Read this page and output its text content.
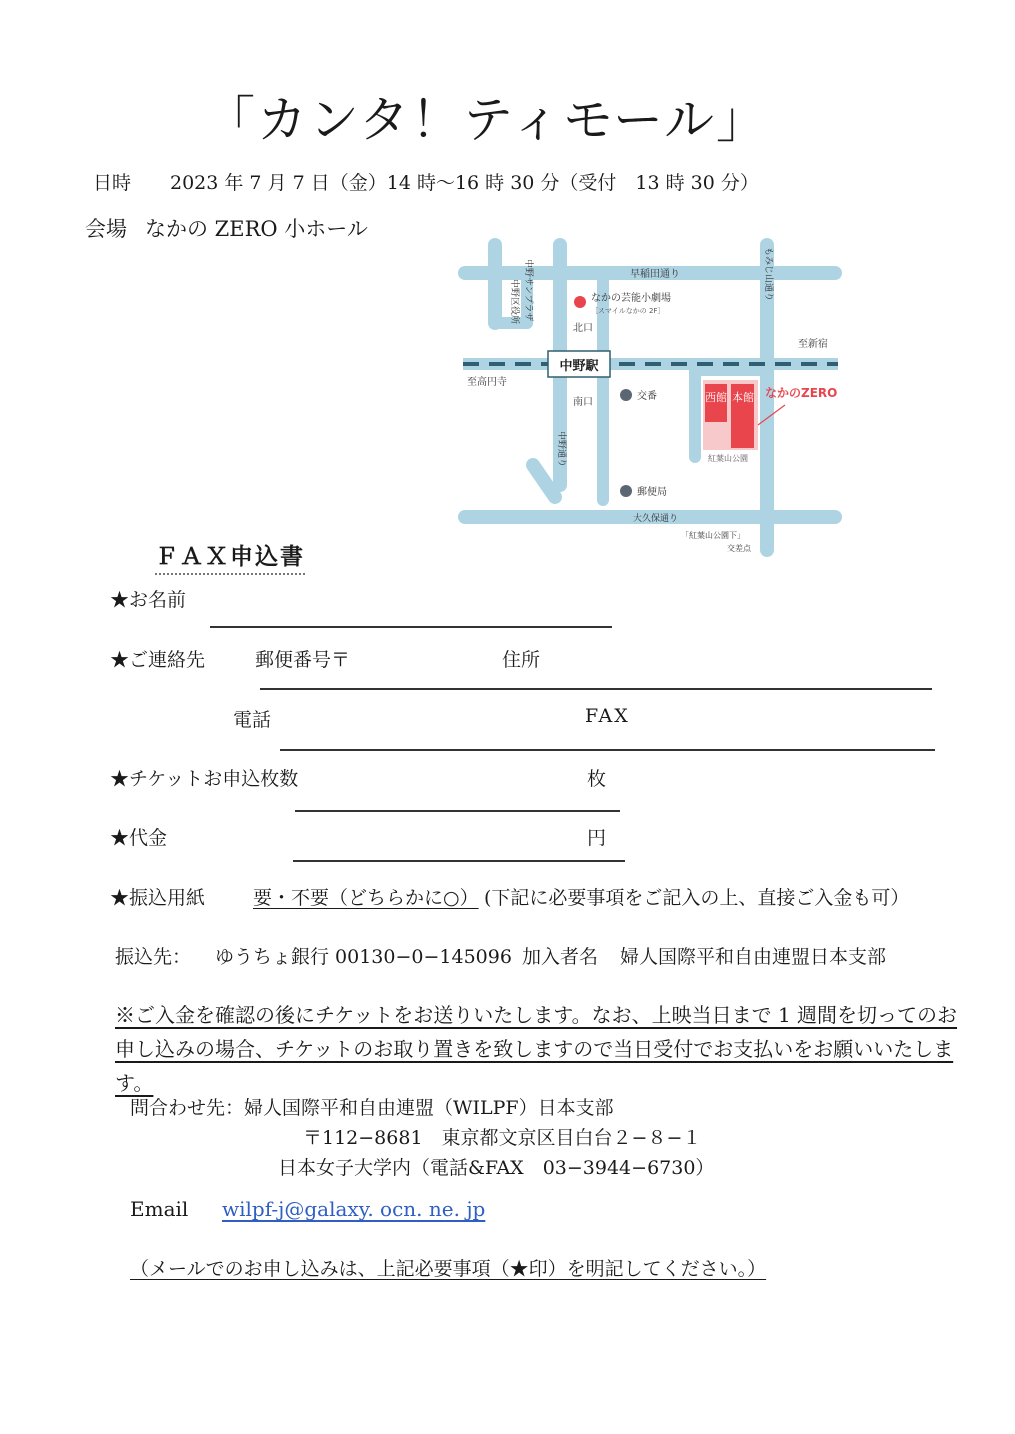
「カンタ！ティモール」
日時 2023 年 7 月 7 日（金）14 時〜16 時 30 分（受付　13 時 30 分）
会場 なかの ZERO 小ホール
中野駅
西館 本館 なかのZERO
紅葉山公園
早稲田通り
なかの芸能小劇場
［スマイルなかの 2F］
北口
南口
交番
郵便局
大久保通り
至新宿
至高円寺
「紅葉山公園下」
交差点
もみじ山通り
中野サンプラザ
中野区役所
中野通り
ＦＡＸ申込書
★お名前
★ご連絡先	郵便番号〒	住所
電話	FAX
★チケットお申込枚数	枚
★代金	円
★振込用紙	要・不要（どちらかに○） (下記に必要事項をご記入の上、直接ご入金も可）
振込先： ゆうちょ銀行 00130−0−145096 加入者名 婦人国際平和自由連盟日本支部
※ご入金を確認の後にチケットをお送りいたします。なお、上映当日まで 1 週間を切ってのお申し込みの場合、チケットのお取り置きを致しますので当日受付でお支払いをお願いいたします。
問合わせ先：婦人国際平和自由連盟（WILPF）日本支部
〒112−8681　東京都文京区目白台２−８−１
日本女子大学内（電話&FAX　03−3944−6730）
Email wilpf-j@galaxy. ocn. ne. jp
（メールでのお申し込みは、上記必要事項（★印）を明記してください。）
